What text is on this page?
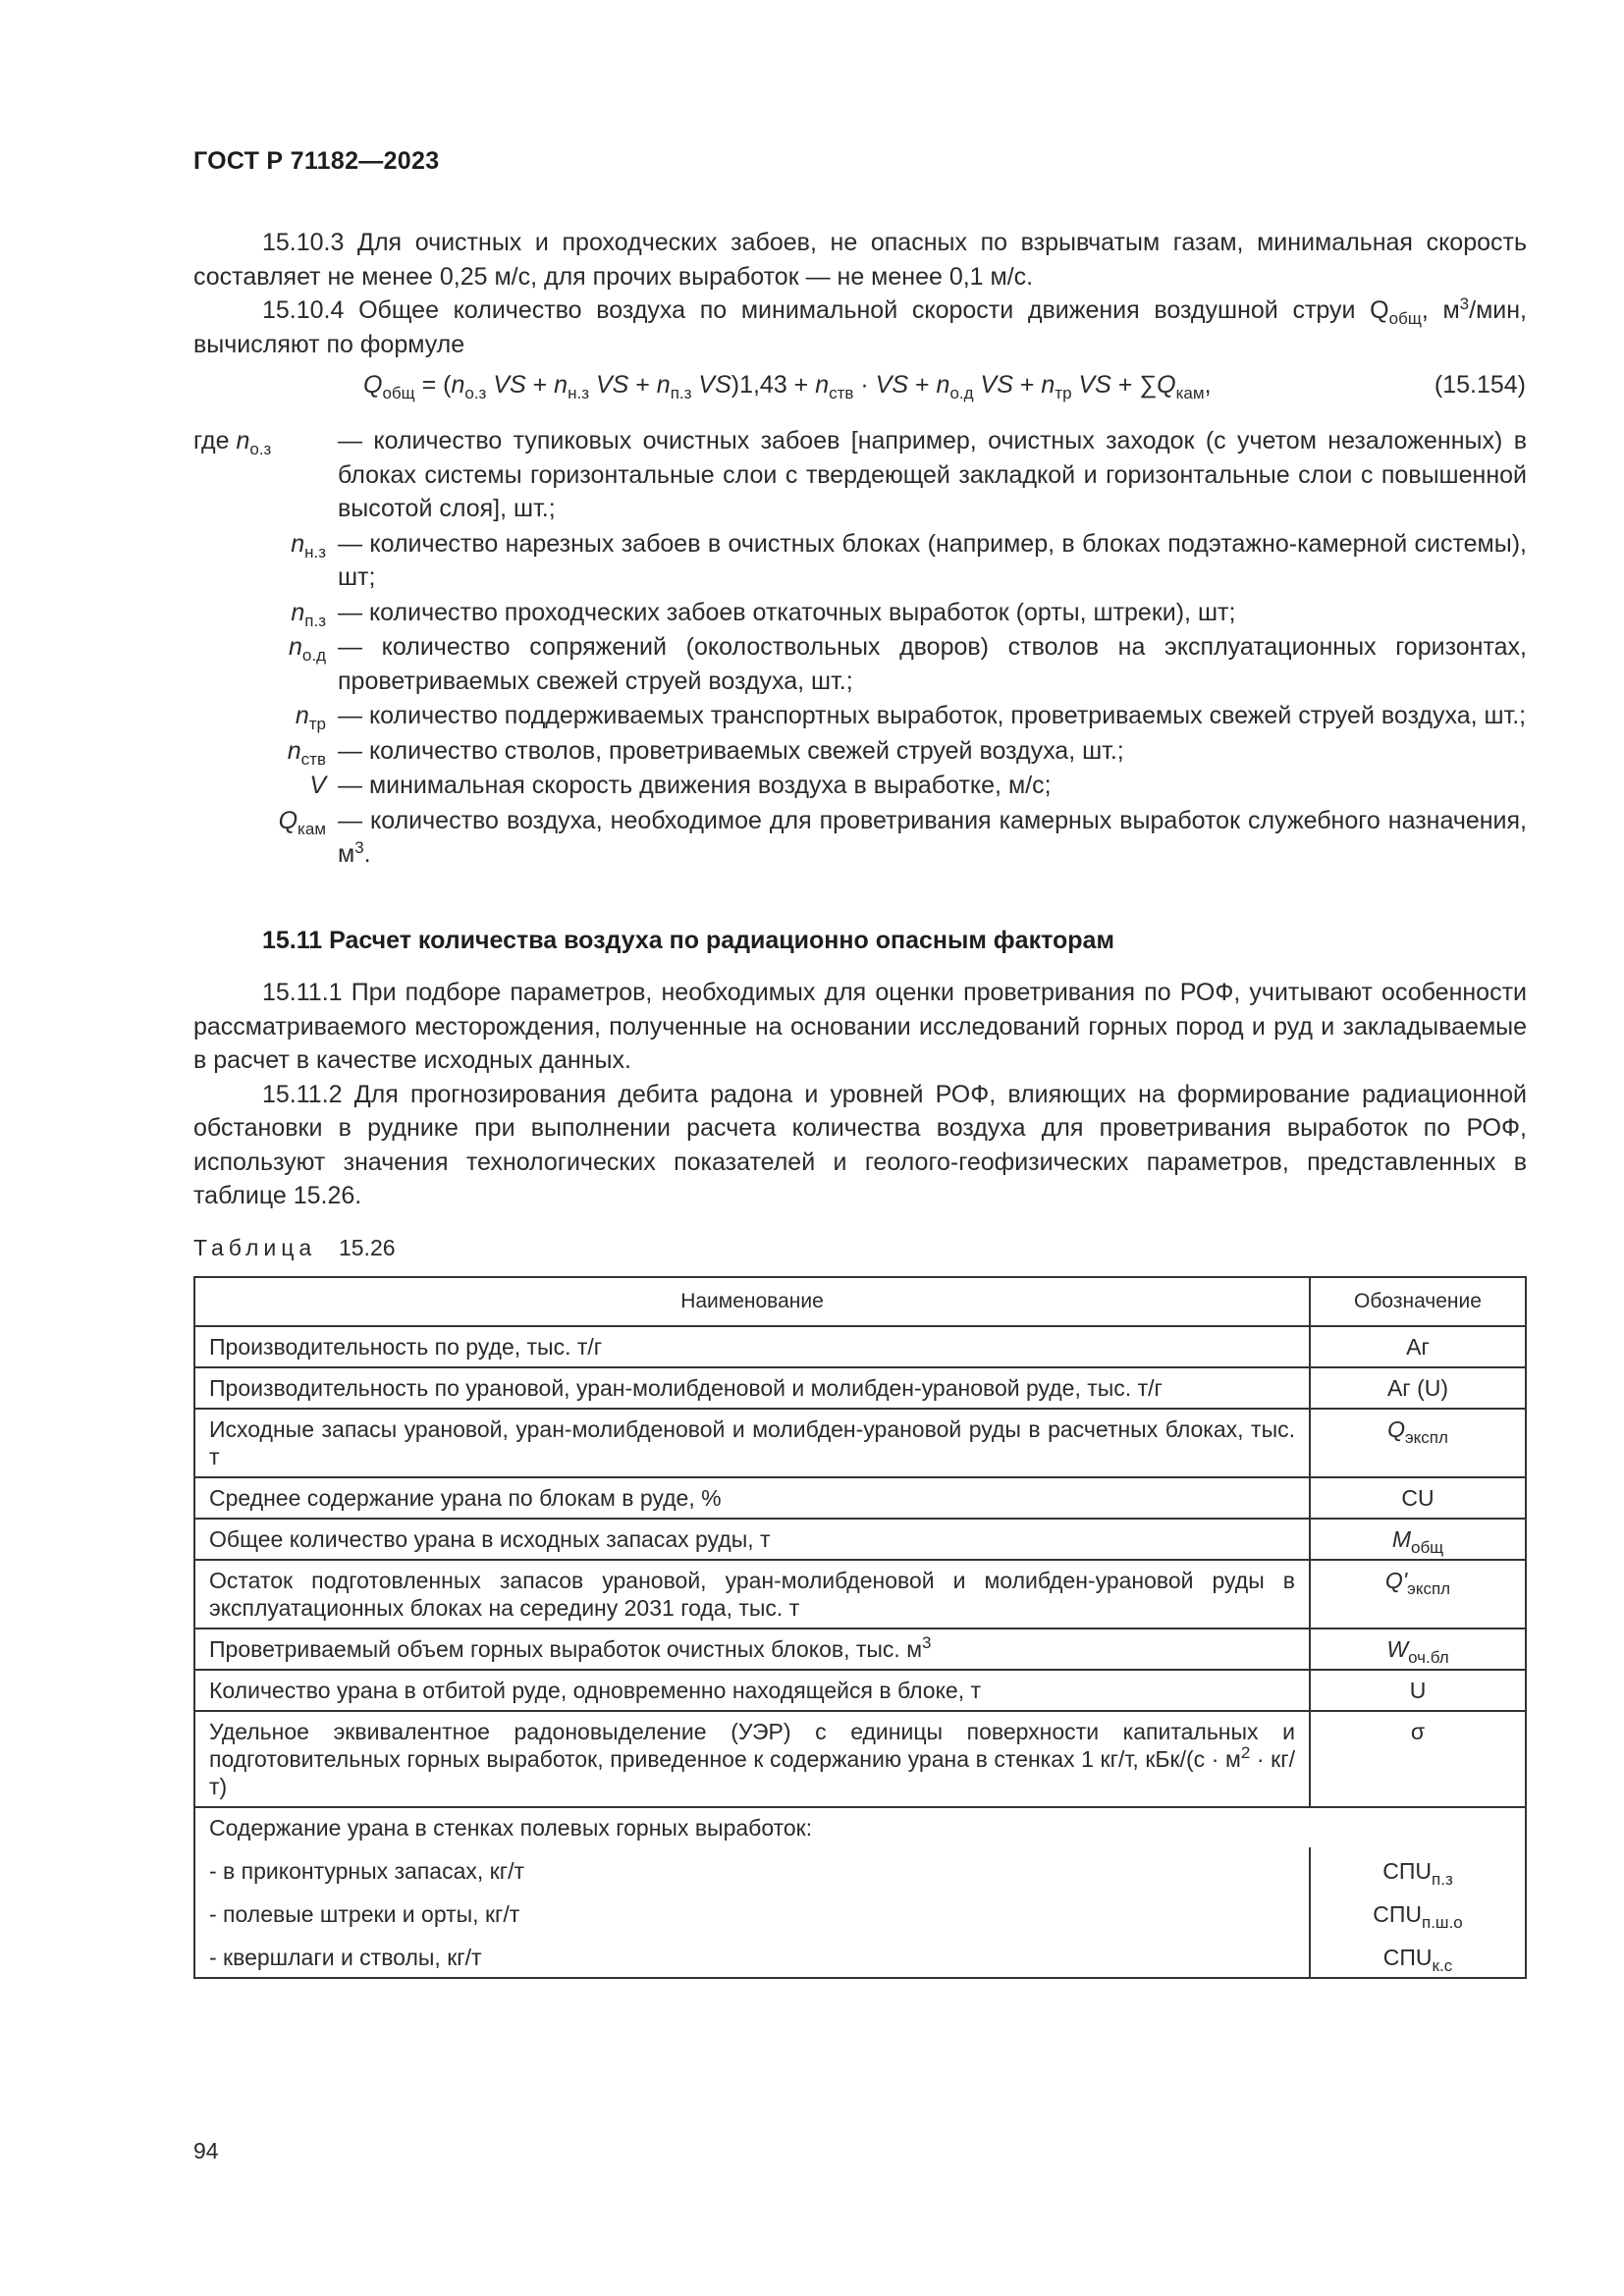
ГОСТ Р 71182—2023

15.10.3 Для очистных и проходческих забоев, не опасных по взрывчатым газам, минимальная скорость составляет не менее 0,25 м/с, для прочих выработок — не менее 0,1 м/с.

15.10.4 Общее количество воздуха по минимальной скорости движения воздушной струи $Q_{общ}$, $м^3$/мин, вычисляют по формуле

$Q_{общ} = (n_{о.з}$ VS + $n_{н.з}$ VS + $n_{п.з}$ $VS)1,43 + n_{ств}$ · VS + $n_{о.д}$ VS + $n_{тр}$ VS + $\sum Q_{кам}$,	(15.154)
где $n_{о.з}$	— количество тупиковых очистных забоев [например, очистных заходок (с учетом незаложенных) в блоках системы горизонтальные слои с твердеющей закладкой и горизонтальные слои с повышенной высотой слоя], шт.;
$n_{н.з}$ — количество нарезных забоев в очистных блоках (например, в блоках подэтажно-камерной системы), шт;
$n_{п.з}$ — количество проходческих забоев откаточных выработок (орты, штреки), шт;
$n_{о.д}$ — количество сопряжений (околоствольных дворов) стволов на эксплуатационных горизонтах, проветриваемых свежей струей воздуха, шт.;
$n_{тр}$ — количество поддерживаемых транспортных выработок, проветриваемых свежей струей воздуха, шт.;
$n_{ств}$ — количество стволов, проветриваемых свежей струей воздуха, шт.;
V — минимальная скорость движения воздуха в выработке, м/с;
$Q_{кам}$ — количество воздуха, необходимое для проветривания камерных выработок служебного назначения, $м^3$.
15.11 Расчет количества воздуха по радиационно опасным факторам

15.11.1 При подборе параметров, необходимых для оценки проветривания по РОФ, учитывают особенности рассматриваемого месторождения, полученные на основании исследований горных пород и руд и закладываемые в расчет в качестве исходных данных.

15.11.2 Для прогнозирования дебита радона и уровней РОФ, влияющих на формирование радиационной обстановки в руднике при выполнении расчета количества воздуха для проветривания выработок по РОФ, используют значения технологических показателей и геолого-геофизических параметров, представленных в таблице 15.26.

Таблица 15.26
Наименование	Обозначение
Производительность по руде, тыс. т/г	Аг
Производительность по урановой, уран-молибденовой и молибден-урановой руде, тыс. т/г	Аг (U)
Исходные запасы урановой, уран-молибденовой и молибден-урановой руды в расчетных блоках, тыс. т	$Q_{экспл}$
Среднее содержание урана по блокам в руде, %	CU
Общее количество урана в исходных запасах руды, т	$M_{общ}$
Остаток подготовленных запасов урановой, уран-молибденовой и молибден-урановой руды в эксплуатационных блоках на середину 2031 года, тыс. т	$Q'_{экспл}$
Проветриваемый объем горных выработок очистных блоков, тыс. $м^3$	$W_{оч.бл}$
Количество урана в отбитой руде, одновременно находящейся в блоке, т	U
Удельное эквивалентное радоновыделение (УЭР) с единицы поверхности капитальных и подготовительных горных выработок, приведенное к содержанию урана в стенках 1 кг/т, $кБк/(с \cdot м^2 \cdot кг/т)$	σ
Содержание урана в стенках полевых горных выработок:	
- в приконтурных запасах, кг/т	$СПU_{п.з}$
- полевые штреки и орты, кг/т	$СПU_{п.ш.о}$
- квершлаги и стволы, кг/т	$СПU_{к.с}$
94
